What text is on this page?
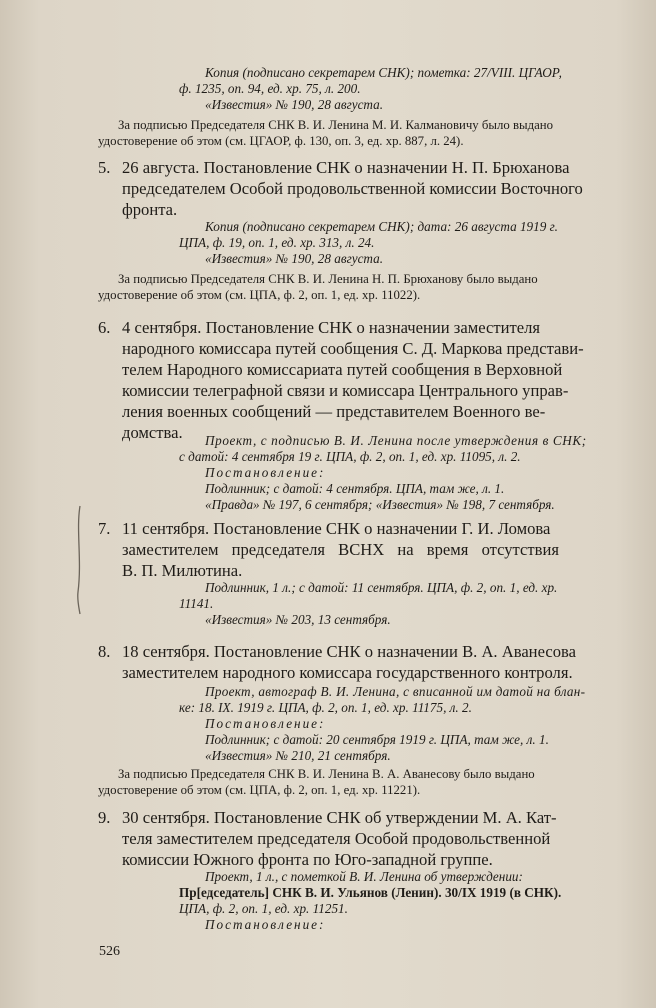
Копия (подписано секретарем СНК); пометка: 27/VIII. ЦГАОР,
ф. 1235, оп. 94, ед. хр. 75, л. 200.
«Известия» № 190, 28 августа.
За подписью Председателя СНК В. И. Ленина М. И. Калмановичу было выдано
удостоверение об этом (см. ЦГАОР, ф. 130, оп. 3, ед. хр. 887, л. 24).
5. 26 августа. Постановление СНК о назначении Н. П. Брюханова
председателем Особой продовольственной комиссии Восточного
фронта.
Копия (подписано секретарем СНК); дата: 26 августа 1919 г.
ЦПА, ф. 19, оп. 1, ед. хр. 313, л. 24.
«Известия» № 190, 28 августа.
За подписью Председателя СНК В. И. Ленина Н. П. Брюханову было выдано
удостоверение об этом (см. ЦПА, ф. 2, оп. 1, ед. хр. 11022).
6. 4 сентября. Постановление СНК о назначении заместителя
народного комиссара путей сообщения С. Д. Маркова представи-
телем Народного комиссариата путей сообщения в Верховной
комиссии телеграфной связи и комиссара Центрального управ-
ления военных сообщений — представителем Военного ве-
домства.	Проект, с подписью В. И. Ленина после утверждения в СНК;
с датой: 4 сентября 19 г. ЦПА, ф. 2, оп. 1, ед. хр. 11095, л. 2.
Постановление:
Подлинник; с датой: 4 сентября. ЦПА, там же, л. 1.
«Правда» № 197, 6 сентября; «Известия» № 198, 7 сентября.
7. 11 сентября. Постановление СНК о назначении Г. И. Ломова
заместителем председателя ВСНХ на время отсутствия
В. П. Милютина.
Подлинник, 1 л.; с датой: 11 сентября. ЦПА, ф. 2, оп. 1, ед. хр.
11141.
«Известия» № 203, 13 сентября.
8. 18 сентября. Постановление СНК о назначении В. А. Аванесова
заместителем народного комиссара государственного контроля.
Проект, автограф В. И. Ленина, с вписанной им датой на блан-
ке: 18. IX. 1919 г. ЦПА, ф. 2, оп. 1, ед. хр. 11175, л. 2.
Постановление:
Подлинник; с датой: 20 сентября 1919 г. ЦПА, там же, л. 1.
«Известия» № 210, 21 сентября.
За подписью Председателя СНК В. И. Ленина В. А. Аванесову было выдано
удостоверение об этом (см. ЦПА, ф. 2, оп. 1, ед. хр. 11221).
9. 30 сентября. Постановление СНК об утверждении М. А. Кат-
теля заместителем председателя Особой продовольственной
комиссии Южного фронта по Юго-западной группе.
Проект, 1 л., с пометкой В. И. Ленина об утверждении:
Пр[едседатель] СНК В. И. Ульянов (Ленин). 30/IX 1919 (в СНК).
ЦПА, ф. 2, оп. 1, ед. хр. 11251.
Постановление:
526
